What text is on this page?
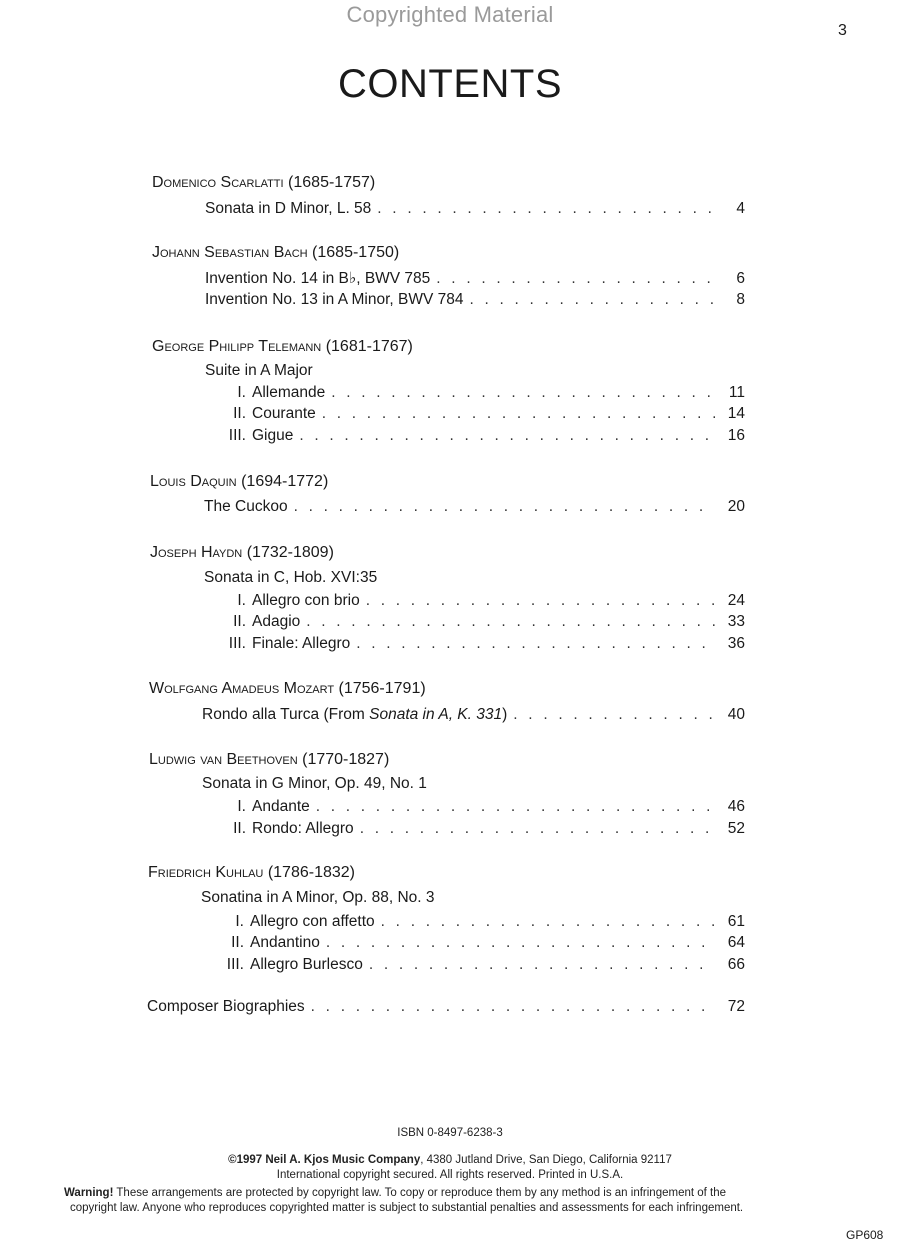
Copyrighted Material
3
CONTENTS
Domenico Scarlatti
(1685-1757)
Sonata in D Minor, L. 58 . . .	4
Johann Sebastian Bach
(1685-1750)
Invention No. 14 in B♭, BWV 785 . . .	6
Invention No. 13 in A Minor, BWV 784 . . .	8
George Philipp Telemann
(1681-1767)
Suite in A Major
I. Allemande . . .	11
II. Courante . . .	14
III. Gigue . . .	16
Louis Daquin
(1694-1772)
The Cuckoo . . .	20
Joseph Haydn
(1732-1809)
Sonata in C, Hob. XVI:35
I. Allegro con brio . . .	24
II. Adagio . . .	33
III. Finale: Allegro . . .	36
Wolfgang Amadeus Mozart
(1756-1791)
Rondo alla Turca (From Sonata in A, K. 331) . . .	40
Ludwig van Beethoven
(1770-1827)
Sonata in G Minor, Op. 49, No. 1
I. Andante . . .	46
II. Rondo: Allegro . . .	52
Friedrich Kuhlau
(1786-1832)
Sonatina in A Minor, Op. 88, No. 3
I. Allegro con affetto . . .	61
II. Andantino . . .	64
III. Allegro Burlesco . . .	66
Composer Biographies . . .	72
ISBN 0-8497-6238-3
©1997 Neil A. Kjos Music Company, 4380 Jutland Drive, San Diego, California 92117
International copyright secured. All rights reserved. Printed in U.S.A.
Warning! These arrangements are protected by copyright law. To copy or reproduce them by any method is an infringement of the
copyright law. Anyone who reproduces copyrighted matter is subject to substantial penalties and assessments for each infringement.
GP608
